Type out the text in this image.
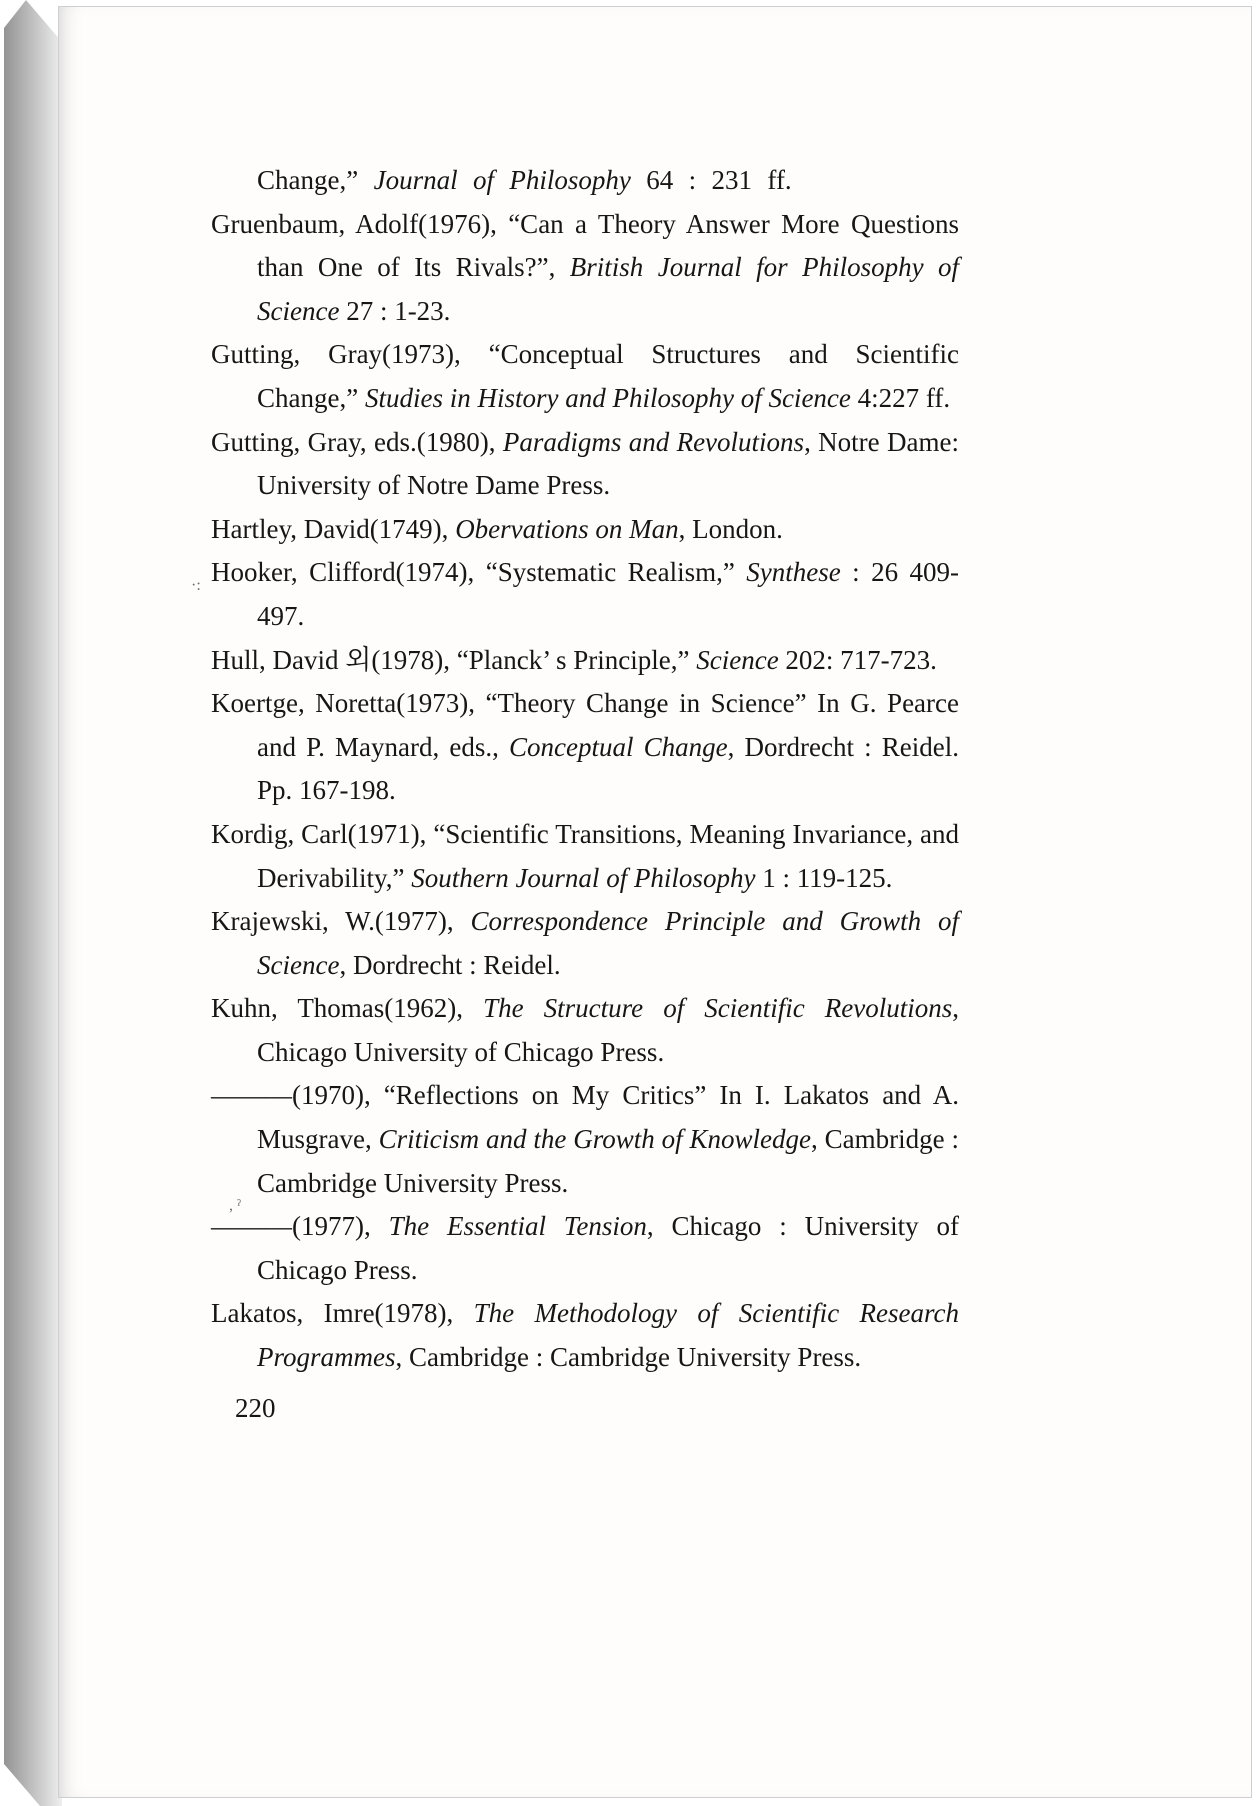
Change,” Journal of Philosophy 64 : 231 ff.

Gruenbaum, Adolf(1976), “Can a Theory Answer More Questions than One of Its Rivals?”, British Journal for Philosophy of Science 27 : 1-23.

Gutting, Gray(1973), “Conceptual Structures and Scientific Change,” Studies in History and Philosophy of Science 4:227 ff.

Gutting, Gray, eds.(1980), Paradigms and Revolutions, Notre Dame: University of Notre Dame Press.

Hartley, David(1749), Obervations on Man, London.

Hooker, Clifford(1974), “Systematic Realism,” Synthese : 26 409-497.

Hull, David 외(1978), “Planck’ s Principle,” Science 202: 717-723.

Koertge, Noretta(1973), “Theory Change in Science” In G. Pearce and P. Maynard, eds., Conceptual Change, Dordrecht : Reidel. Pp. 167-198.

Kordig, Carl(1971), “Scientific Transitions, Meaning Invariance, and Derivability,” Southern Journal of Philosophy 1 : 119-125.

Krajewski, W.(1977), Correspondence Principle and Growth of Science, Dordrecht : Reidel.

Kuhn, Thomas(1962), The Structure of Scientific Revolutions, Chicago University of Chicago Press.

———(1970), “Reflections on My Critics” In I. Lakatos and A. Musgrave, Criticism and the Growth of Knowledge, Cambridge : Cambridge University Press.

———(1977), The Essential Tension, Chicago : University of Chicago Press.

Lakatos, Imre(1978), The Methodology of Scientific Research Programmes, Cambridge : Cambridge University Press.

220
·:
, ˀ
